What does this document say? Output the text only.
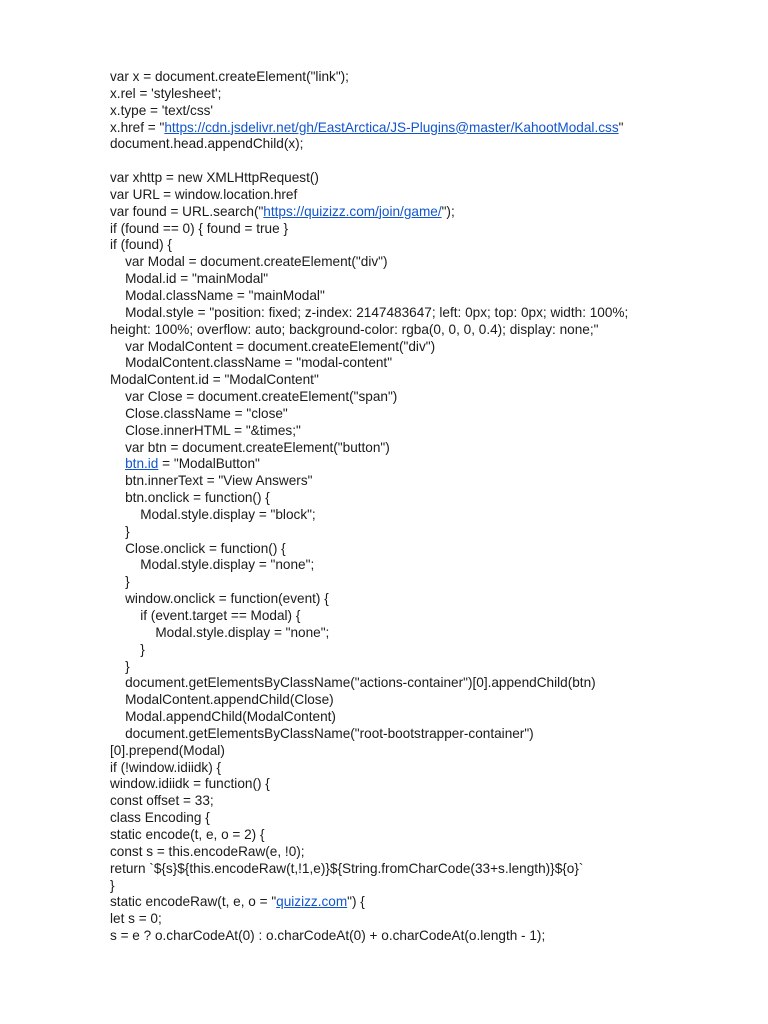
var x = document.createElement("link");
x.rel = 'stylesheet';
x.type = 'text/css'
x.href = "https://cdn.jsdelivr.net/gh/EastArctica/JS-Plugins@master/KahootModal.css"
document.head.appendChild(x);
var xhttp = new XMLHttpRequest()
var URL = window.location.href
var found = URL.search("https://quizizz.com/join/game/");
if (found == 0) { found = true }
if (found) {
var Modal = document.createElement("div")
Modal.id = "mainModal"
Modal.className = "mainModal"
Modal.style = "position: fixed; z-index: 2147483647; left: 0px; top: 0px; width: 100%;
height: 100%; overflow: auto; background-color: rgba(0, 0, 0, 0.4); display: none;"
var ModalContent = document.createElement("div")
ModalContent.className = "modal-content"
ModalContent.id = "ModalContent"
var Close = document.createElement("span")
Close.className = "close"
Close.innerHTML = "&times;"
var btn = document.createElement("button")
btn.id = "ModalButton"
btn.innerText = "View Answers"
btn.onclick = function() {
Modal.style.display = "block";
}
Close.onclick = function() {
Modal.style.display = "none";
}
window.onclick = function(event) {
if (event.target == Modal) {
Modal.style.display = "none";
}
}
document.getElementsByClassName("actions-container")[0].appendChild(btn)
ModalContent.appendChild(Close)
Modal.appendChild(ModalContent)
document.getElementsByClassName("root-bootstrapper-container")
[0].prepend(Modal)
if (!window.idiidk) {
window.idiidk = function() {
const offset = 33;
class Encoding {
static encode(t, e, o = 2) {
const s = this.encodeRaw(e, !0);
return `${s}${this.encodeRaw(t,!1,e)}${String.fromCharCode(33+s.length)}${o}`
}
static encodeRaw(t, e, o = "quizizz.com") {
let s = 0;
s = e ? o.charCodeAt(0) : o.charCodeAt(0) + o.charCodeAt(o.length - 1);
